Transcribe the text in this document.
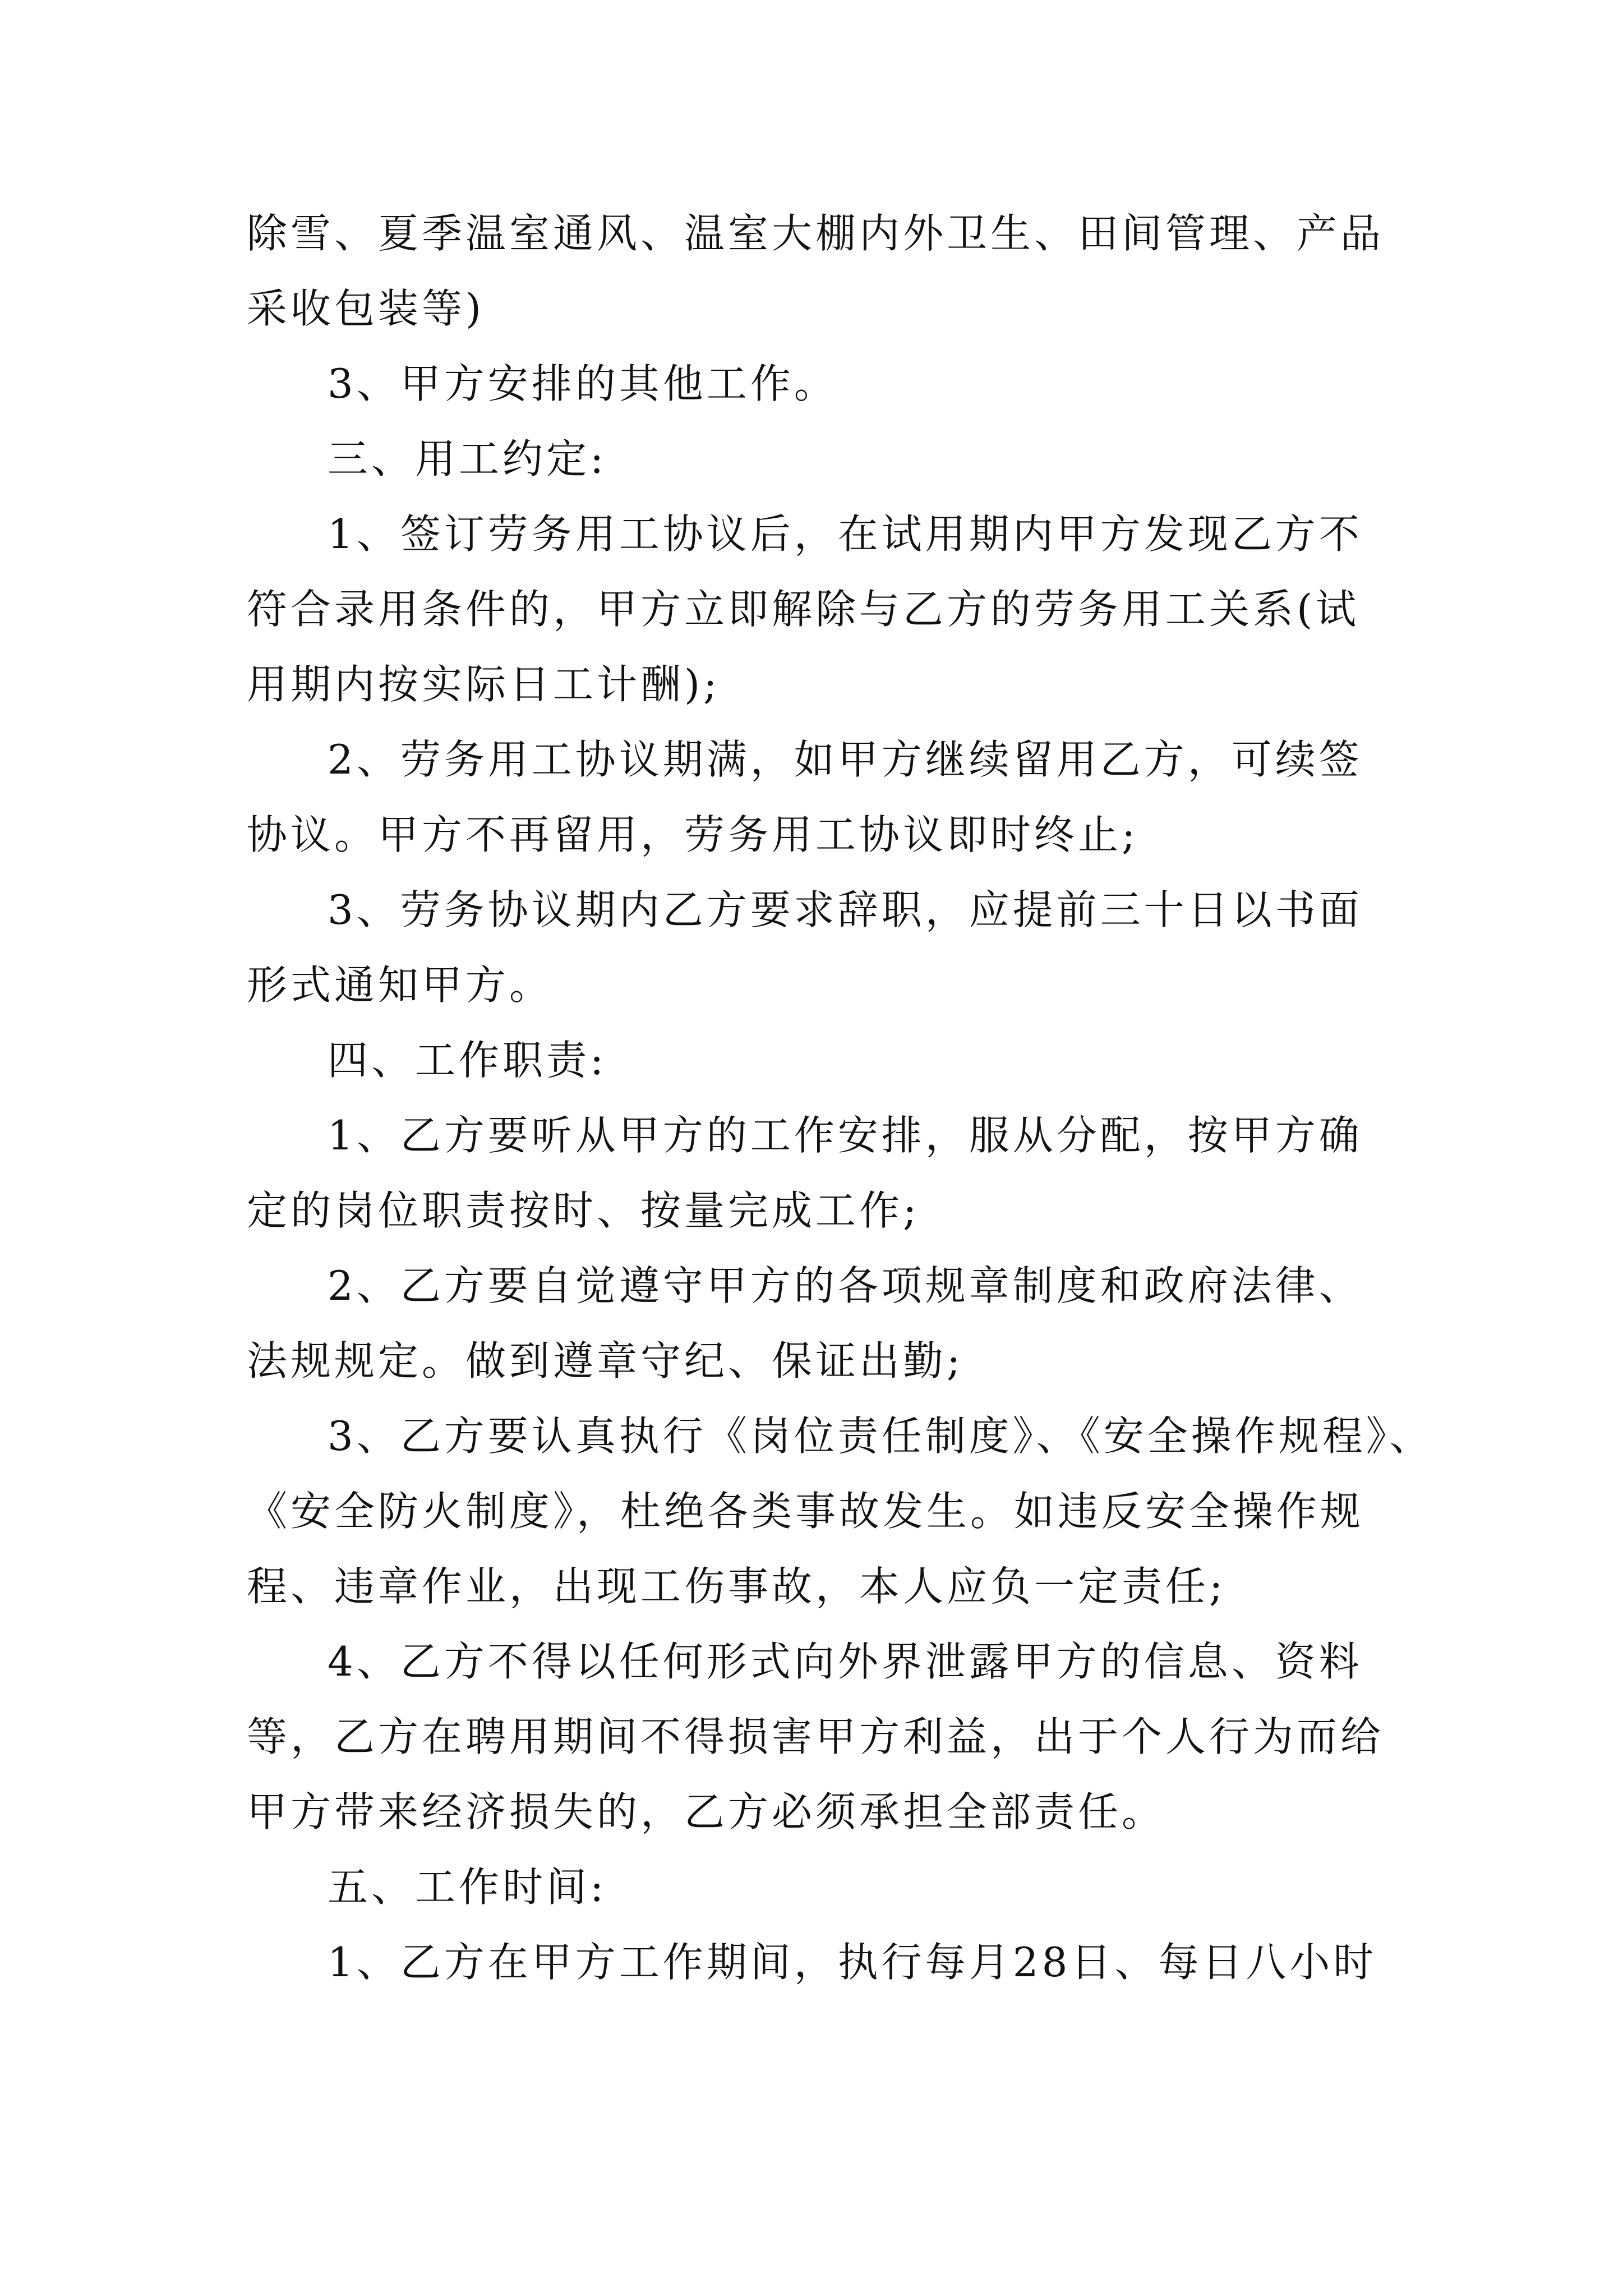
除雪、夏季温室通风、温室大棚内外卫生、田间管理、产品
采收包装等)
3、甲方安排的其他工作。
三、用工约定:
1、签订劳务用工协议后，在试用期内甲方发现乙方不
符合录用条件的，甲方立即解除与乙方的劳务用工关系(试
用期内按实际日工计酬);
2、劳务用工协议期满，如甲方继续留用乙方，可续签
协议。甲方不再留用，劳务用工协议即时终止;
3、劳务协议期内乙方要求辞职，应提前三十日以书面
形式通知甲方。
四、工作职责:
1、乙方要听从甲方的工作安排，服从分配，按甲方确
定的岗位职责按时、按量完成工作;
2、乙方要自觉遵守甲方的各项规章制度和政府法律、
法规规定。做到遵章守纪、保证出勤;
3、乙方要认真执行《岗位责任制度》、《安全操作规程》、
《安全防火制度》，杜绝各类事故发生。如违反安全操作规
程、违章作业，出现工伤事故，本人应负一定责任;
4、乙方不得以任何形式向外界泄露甲方的信息、资料
等，乙方在聘用期间不得损害甲方利益，出于个人行为而给
甲方带来经济损失的，乙方必须承担全部责任。
五、工作时间:
1、乙方在甲方工作期间，执行每月28日、每日八小时
